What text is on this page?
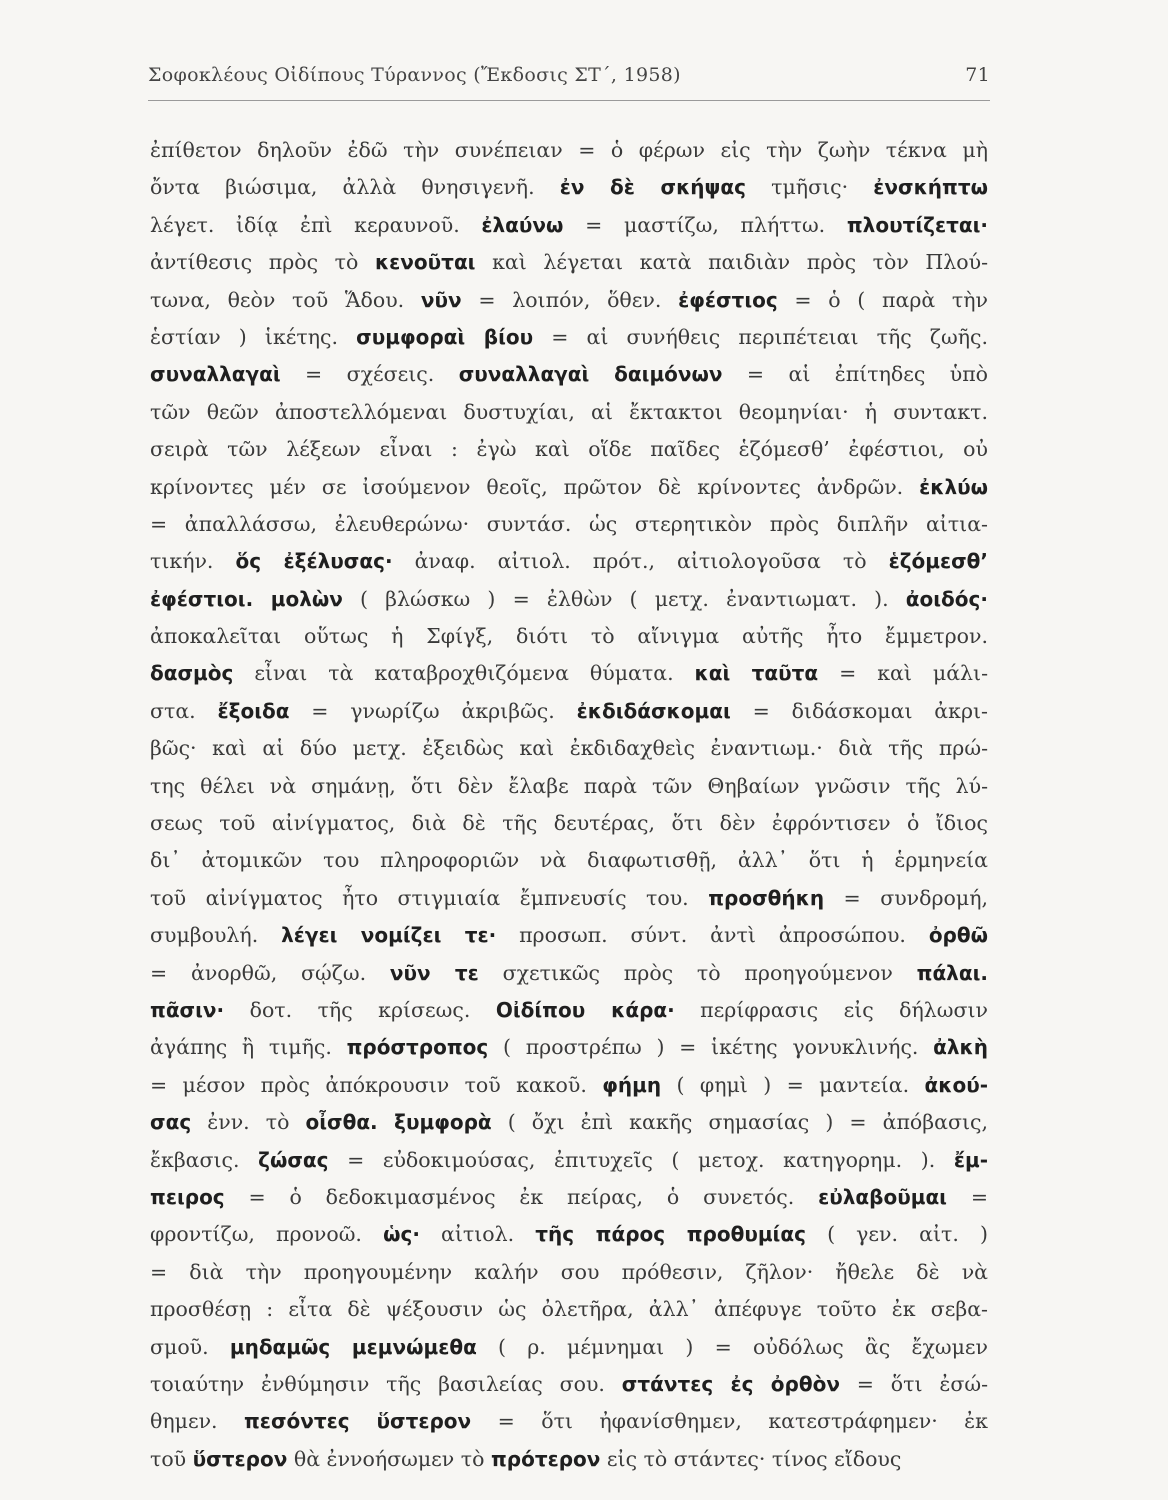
Σοφοκλέους Οἰδίπους Τύραννος (Ἔκδοσις ΣΤ΄, 1958)	71
ἐπίθετον δηλοῦν ἐδῶ τὴν συνέπειαν = ὁ φέρων εἰς τὴν ζωὴν τέκνα μὴ
ὄντα βιώσιμα, ἀλλὰ θνησιγενῆ. ἐν δὲ σκήψας τμῆσις· ἐνσκήπτω
λέγετ. ἰδίᾳ ἐπὶ κεραυνοῦ. ἐλαύνω = μαστίζω, πλήττω. πλουτίζεται·
ἀντίθεσις πρὸς τὸ κενοῦται καὶ λέγεται κατὰ παιδιὰν πρὸς τὸν Πλού-
τωνα, θεὸν τοῦ Ἅδου. νῦν = λοιπόν, ὅθεν. ἐφέστιος = ὁ ( παρὰ τὴν
ἑστίαν ) ἱκέτης. συμφοραὶ βίου = αἱ συνήθεις περιπέτειαι τῆς ζωῆς.
συναλλαγαὶ = σχέσεις. συναλλαγαὶ δαιμόνων = αἱ ἐπίτηδες ὑπὸ
τῶν θεῶν ἀποστελλόμεναι δυστυχίαι, αἱ ἔκτακτοι θεομηνίαι· ἡ συντακτ.
σειρὰ τῶν λέξεων εἶναι : ἐγὼ καὶ οἵδε παῖδες ἑζόμεσθ’ ἐφέστιοι, οὐ
κρίνοντες μέν σε ἰσούμενον θεοῖς, πρῶτον δὲ κρίνοντες ἀνδρῶν. ἐκλύω
= ἀπαλλάσσω, ἐλευθερώνω· συντάσ. ὡς στερητικὸν πρὸς διπλῆν αἰτια-
τικήν. ὅς ἐξέλυσας· ἀναφ. αἰτιολ. πρότ., αἰτιολογοῦσα τὸ ἑζόμεσθ’
ἐφέστιοι. μολὼν ( βλώσκω ) = ἐλθὼν ( μετχ. ἐναντιωματ. ). ἀοιδός·
ἀποκαλεῖται οὕτως ἡ Σφίγξ, διότι τὸ αἴνιγμα αὐτῆς ἦτο ἔμμετρον.
δασμὸς εἶναι τὰ καταβροχθιζόμενα θύματα. καὶ ταῦτα = καὶ μάλι-
στα. ἔξοιδα = γνωρίζω ἀκριβῶς. ἐκδιδάσκομαι = διδάσκομαι ἀκρι-
βῶς· καὶ αἱ δύο μετχ. ἐξειδὼς καὶ ἐκδιδαχθεὶς ἐναντιωμ.· διὰ τῆς πρώ-
της θέλει νὰ σημάνῃ, ὅτι δὲν ἔλαβε παρὰ τῶν Θηβαίων γνῶσιν τῆς λύ-
σεως τοῦ αἰνίγματος, διὰ δὲ τῆς δευτέρας, ὅτι δὲν ἐφρόντισεν ὁ ἴδιος
δι᾿ ἀτομικῶν του πληροφοριῶν νὰ διαφωτισθῇ, ἀλλ᾿ ὅτι ἡ ἑρμηνεία
τοῦ αἰνίγματος ἦτο στιγμιαία ἔμπνευσίς του. προσθήκη = συνδρομή,
συμβουλή. λέγει νομίζει τε· προσωπ. σύντ. ἀντὶ ἀπροσώπου. ὀρθῶ
= ἀνορθῶ, σῴζω. νῦν τε σχετικῶς πρὸς τὸ προηγούμενον πάλαι.
πᾶσιν· δοτ. τῆς κρίσεως. Οἰδίπου κάρα· περίφρασις εἰς δήλωσιν
ἀγάπης ἢ τιμῆς. πρόστροπος ( προστρέπω ) = ἱκέτης γονυκλινής. ἀλκὴ
= μέσον πρὸς ἀπόκρουσιν τοῦ κακοῦ. φήμη ( φημὶ ) = μαντεία. ἀκού-
σας ἐνν. τὸ οἶσθα. ξυμφορὰ ( ὄχι ἐπὶ κακῆς σημασίας ) = ἀπόβασις,
ἔκβασις. ζώσας = εὐδοκιμούσας, ἐπιτυχεῖς ( μετοχ. κατηγορημ. ). ἔμ-
πειρος = ὁ δεδοκιμασμένος ἐκ πείρας, ὁ συνετός. εὐλαβοῦμαι =
φροντίζω, προνοῶ. ὡς· αἰτιολ. τῆς πάρος προθυμίας ( γεν. αἰτ. )
= διὰ τὴν προηγουμένην καλήν σου πρόθεσιν, ζῆλον· ἤθελε δὲ νὰ
προσθέσῃ : εἶτα δὲ ψέξουσιν ὡς ὀλετῆρα, ἀλλ᾿ ἀπέφυγε τοῦτο ἐκ σεβα-
σμοῦ. μηδαμῶς μεμνώμεθα ( ρ. μέμνημαι ) = οὐδόλως ἂς ἔχωμεν
τοιαύτην ἐνθύμησιν τῆς βασιλείας σου. στάντες ἐς ὀρθὸν = ὅτι ἐσώ-
θημεν. πεσόντες ὕστερον = ὅτι ἠφανίσθημεν, κατεστράφημεν· ἐκ
τοῦ ὕστερον θὰ ἐννοήσωμεν τὸ πρότερον εἰς τὸ στάντες· τίνος εἴδους
